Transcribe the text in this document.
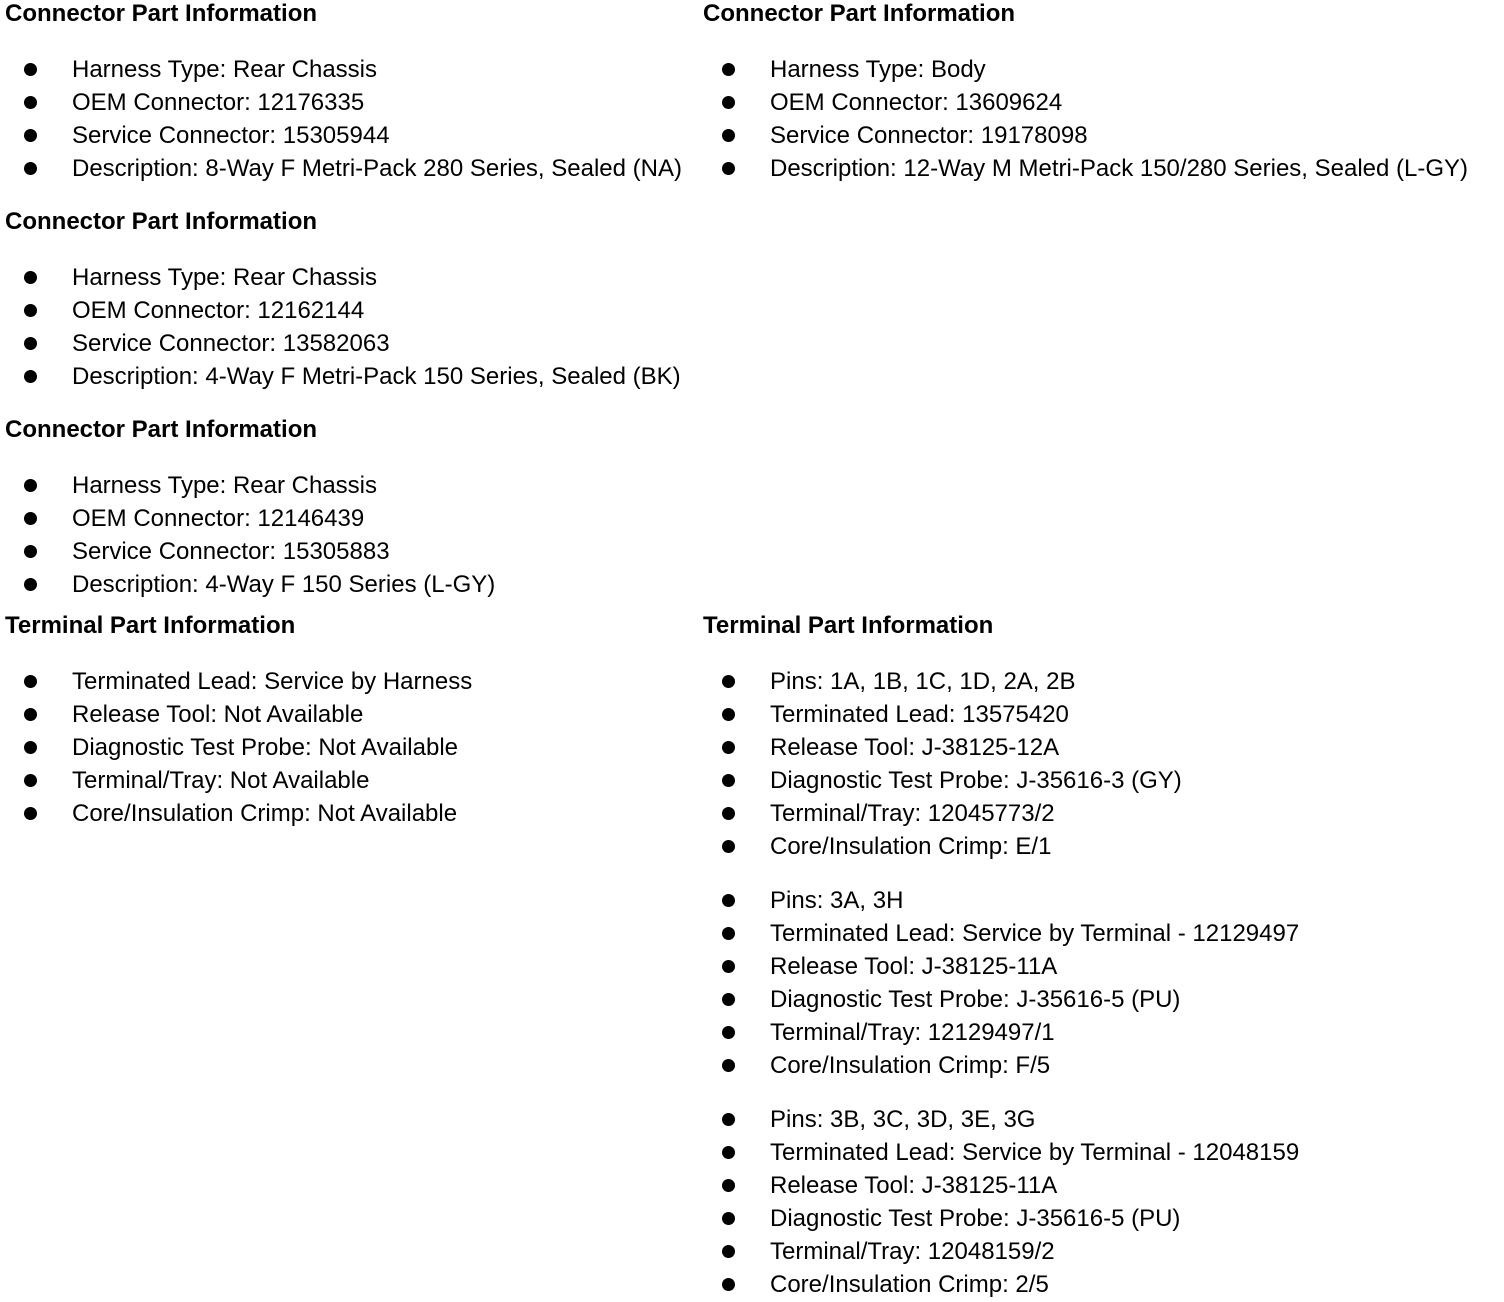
Connector Part Information
Harness Type: Rear Chassis
OEM Connector: 12176335
Service Connector: 15305944
Description: 8-Way F Metri-Pack 280 Series, Sealed (NA)
Connector Part Information
Harness Type: Rear Chassis
OEM Connector: 12162144
Service Connector: 13582063
Description: 4-Way F Metri-Pack 150 Series, Sealed (BK)
Connector Part Information
Harness Type: Rear Chassis
OEM Connector: 12146439
Service Connector: 15305883
Description: 4-Way F 150 Series (L-GY)
Terminal Part Information
Terminated Lead: Service by Harness
Release Tool: Not Available
Diagnostic Test Probe: Not Available
Terminal/Tray: Not Available
Core/Insulation Crimp: Not Available
Connector Part Information
Harness Type: Body
OEM Connector: 13609624
Service Connector: 19178098
Description: 12-Way M Metri-Pack 150/280 Series, Sealed (L-GY)
Terminal Part Information
Pins: 1A, 1B, 1C, 1D, 2A, 2B
Terminated Lead: 13575420
Release Tool: J-38125-12A
Diagnostic Test Probe: J-35616-3 (GY)
Terminal/Tray: 12045773/2
Core/Insulation Crimp: E/1
Pins: 3A, 3H
Terminated Lead: Service by Terminal - 12129497
Release Tool: J-38125-11A
Diagnostic Test Probe: J-35616-5 (PU)
Terminal/Tray: 12129497/1
Core/Insulation Crimp: F/5
Pins: 3B, 3C, 3D, 3E, 3G
Terminated Lead: Service by Terminal - 12048159
Release Tool: J-38125-11A
Diagnostic Test Probe: J-35616-5 (PU)
Terminal/Tray: 12048159/2
Core/Insulation Crimp: 2/5
